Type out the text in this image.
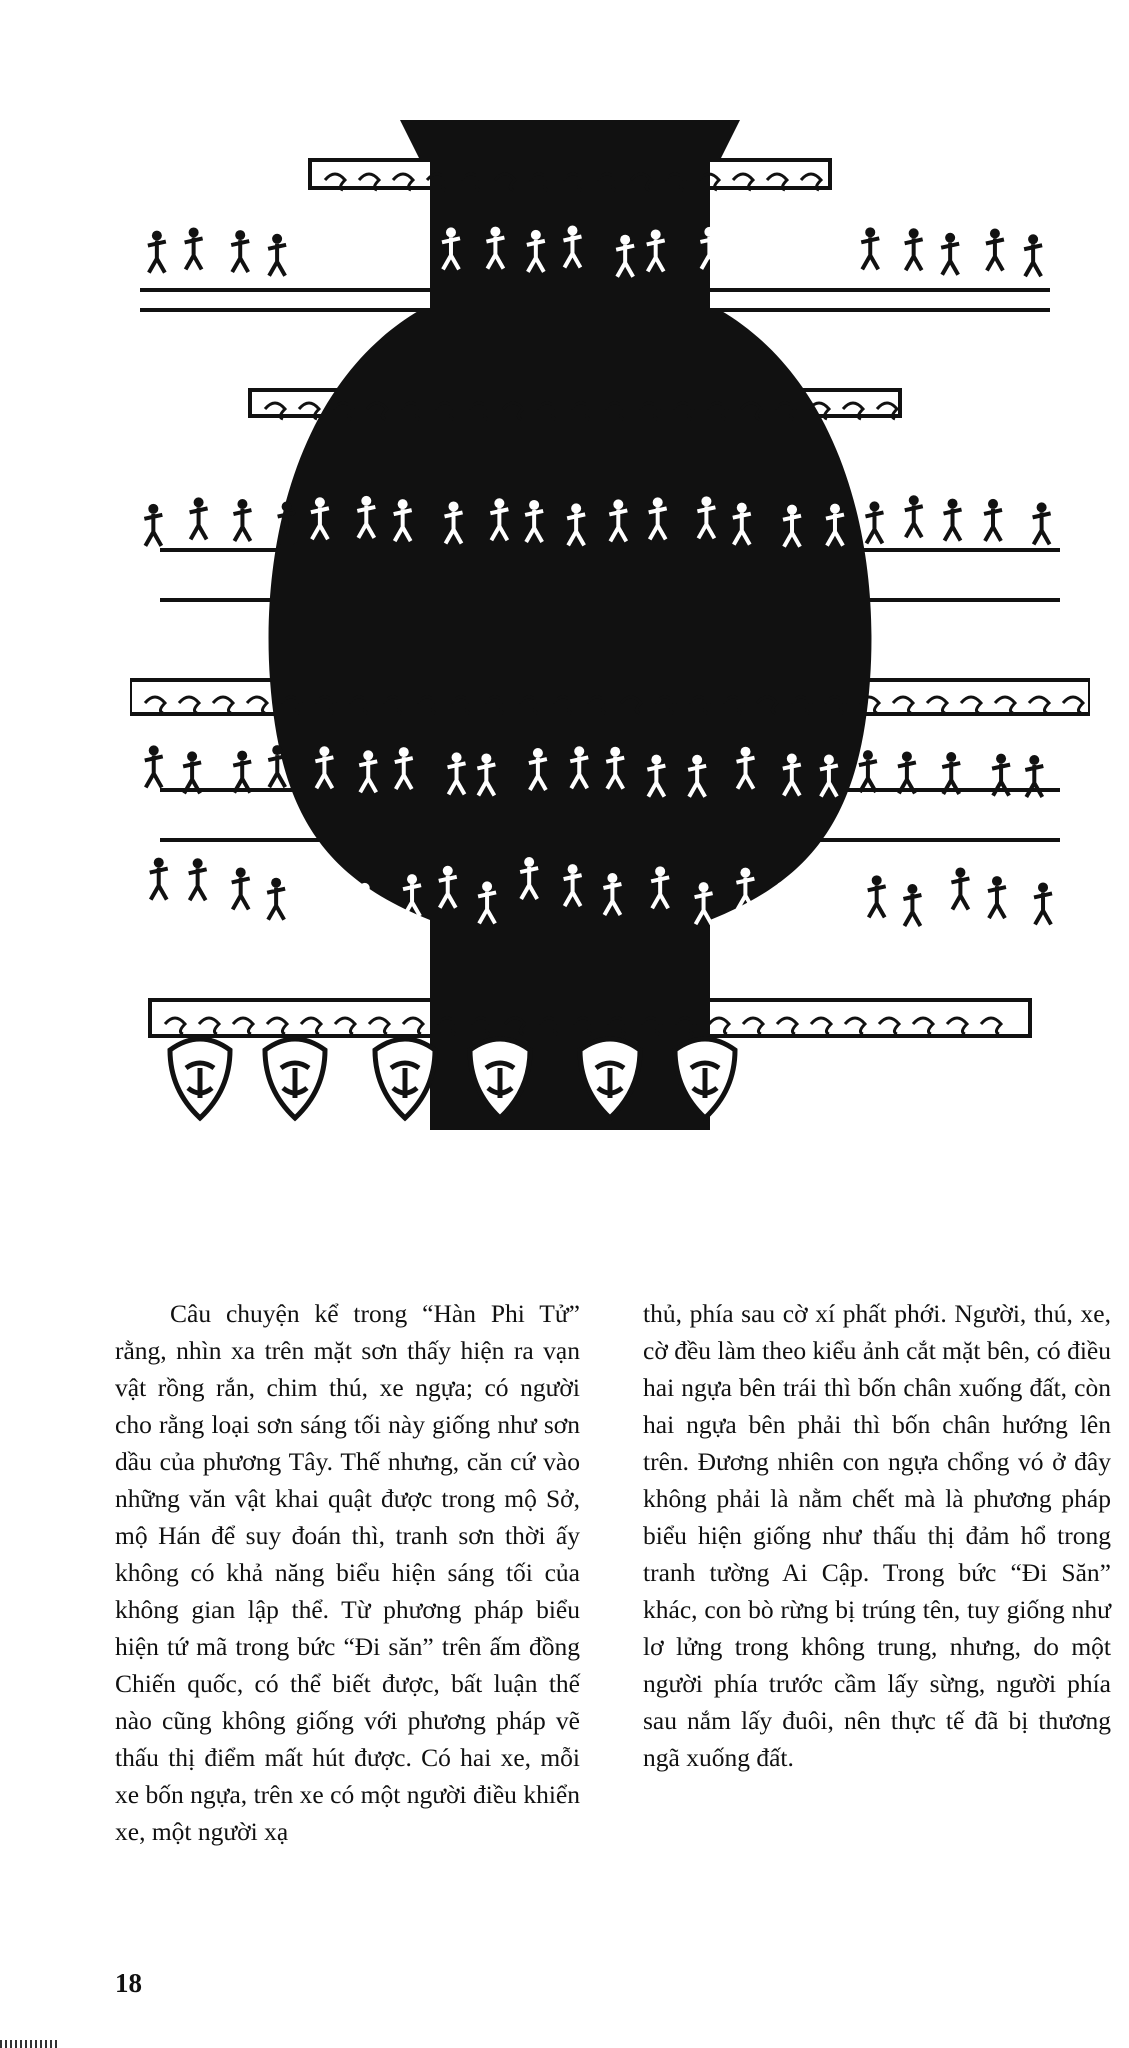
Câu chuyện kể trong “Hàn Phi Tử” rằng, nhìn xa trên mặt sơn thấy hiện ra vạn vật rồng rắn, chim thú, xe ngựa; có người cho rằng loại sơn sáng tối này giống như sơn dầu của phương Tây. Thế nhưng, căn cứ vào những văn vật khai quật được trong mộ Sở, mộ Hán để suy đoán thì, tranh sơn thời ấy không có khả năng biểu hiện sáng tối của không gian lập thể. Từ phương pháp biểu hiện tứ mã trong bức “Đi săn” trên ấm đồng Chiến quốc, có thể biết được, bất luận thế nào cũng không giống với phương pháp vẽ thấu thị điểm mất hút được. Có hai xe, mỗi xe bốn ngựa, trên xe có một người điều khiển xe, một người xạ
thủ, phía sau cờ xí phất phới. Người, thú, xe, cờ đều làm theo kiểu ảnh cắt mặt bên, có điều hai ngựa bên trái thì bốn chân xuống đất, còn hai ngựa bên phải thì bốn chân hướng lên trên. Đương nhiên con ngựa chổng vó ở đây không phải là nằm chết mà là phương pháp biểu hiện giống như thấu thị đảm hổ trong tranh tường Ai Cập. Trong bức “Đi Săn” khác, con bò rừng bị trúng tên, tuy giống như lơ lửng trong không trung, nhưng, do một người phía trước cầm lấy sừng, người phía sau nắm lấy đuôi, nên thực tế đã bị thương ngã xuống đất.
18
